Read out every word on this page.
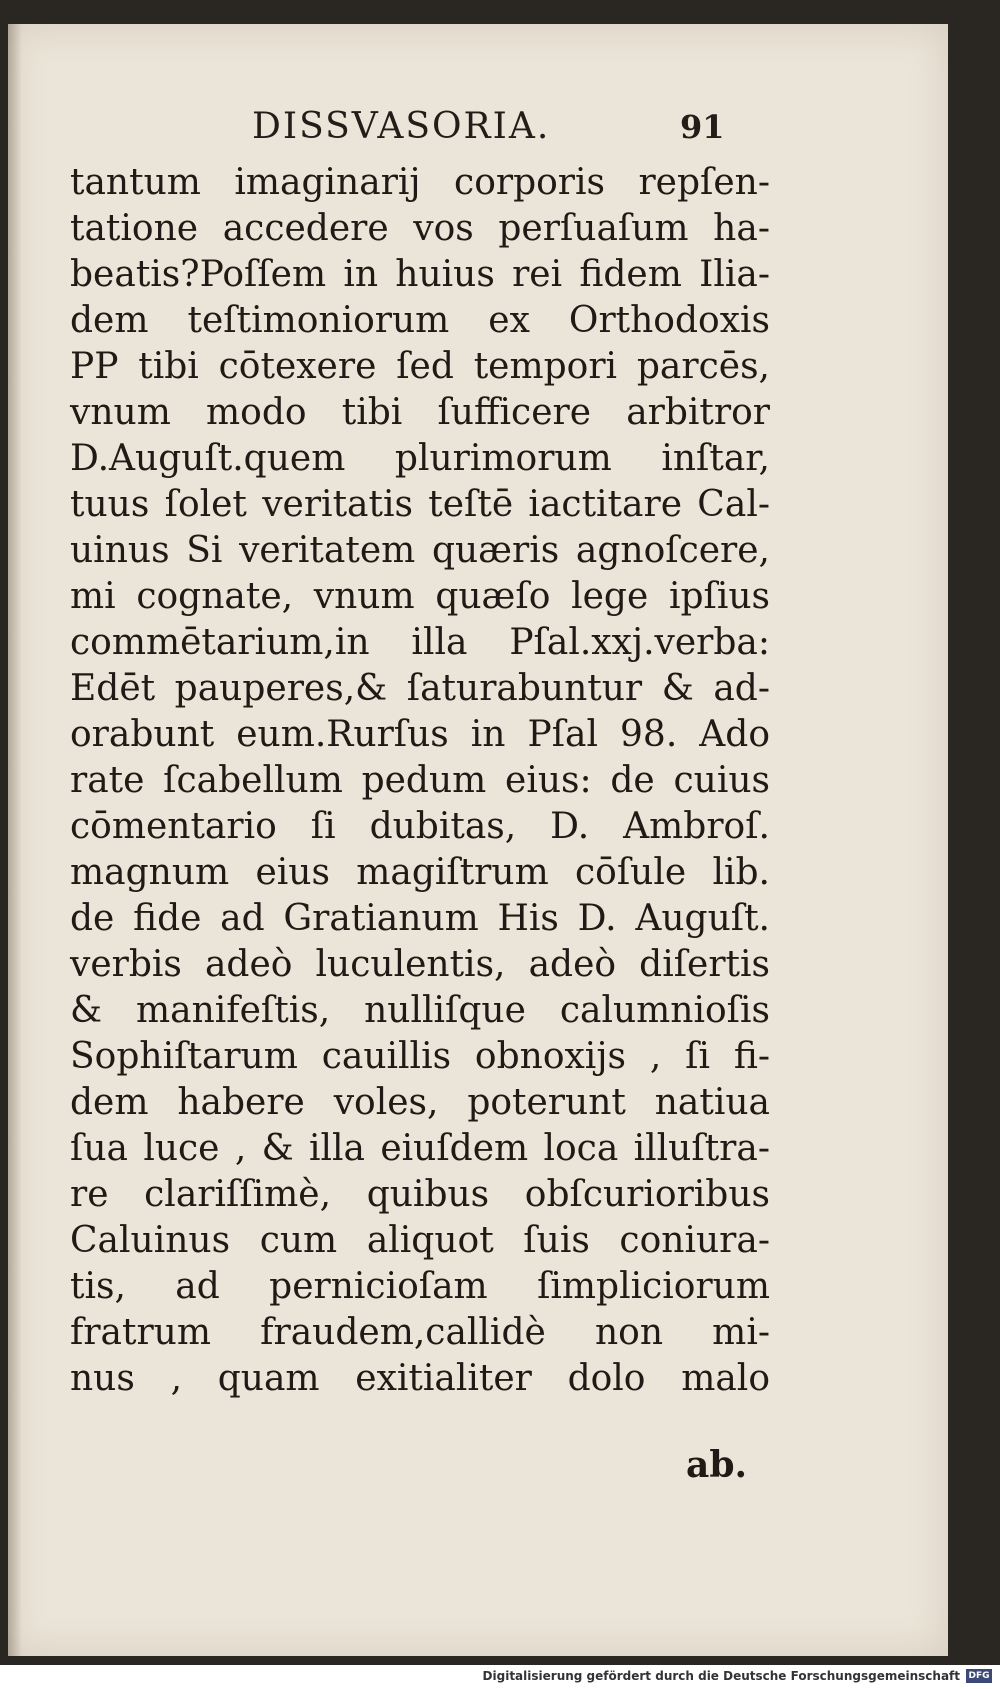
DISSVASORIA.	91
tantum imaginarij corporis repſen-
tatione accedere vos perſuaſum ha-
beatis?Poſſem in huius rei fidem Ilia-
dem teſtimoniorum ex Orthodoxis
PP tibi cōtexere ſed tempori parcēs,
vnum modo tibi ſufficere arbitror
D.Auguſt.quem plurimorum inſtar,
tuus ſolet veritatis teſtē iactitare Cal-
uinus Si veritatem quæris agnoſcere,
mi cognate, vnum quæſo lege ipſius
commētarium,in illa Pſal.xxj.verba:
Edēt pauperes,& ſaturabuntur & ad-
orabunt eum.Rurſus in Pſal 98. Ado
rate ſcabellum pedum eius: de cuius
cōmentario ſi dubitas, D. Ambroſ.
magnum eius magiſtrum cōſule lib.
de fide ad Gratianum His D. Auguſt.
verbis adeò luculentis, adeò diſertis
& manifeſtis, nulliſque calumnioſis
Sophiſtarum cauillis obnoxijs , ſi fi-
dem habere voles, poterunt natiua
ſua luce , & illa eiuſdem loca illuſtra-
re clariſſimè, quibus obſcurioribus
Caluinus cum aliquot ſuis coniura-
tis, ad pernicioſam ſimpliciorum
fratrum fraudem,callidè non mi-
nus , quam exitialiter dolo malo
ab.
Digitalisierung gefördert durch die Deutsche Forschungsgemeinschaft DFG
